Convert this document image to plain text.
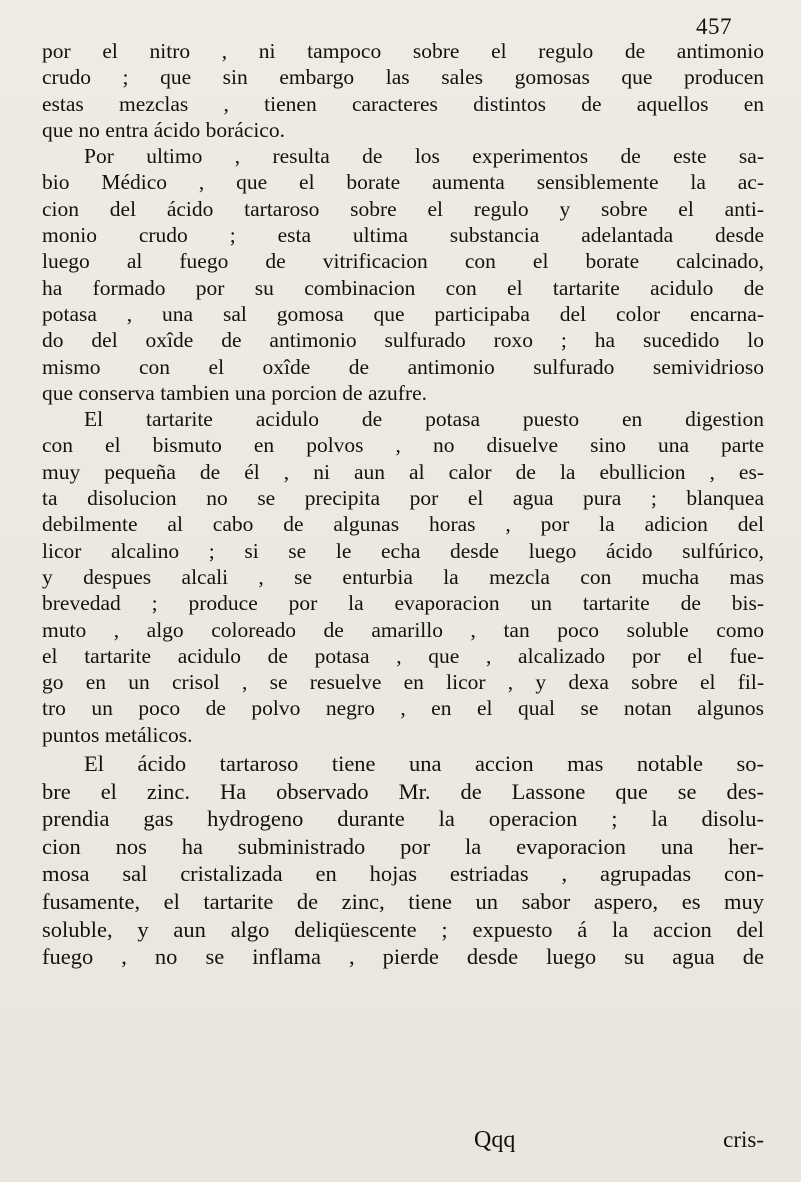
457
por el nitro , ni tampoco sobre el regulo de antimonio
crudo ; que sin embargo las sales gomosas que producen
estas mezclas , tienen caracteres distintos de aquellos en
que no entra ácido borácico.
Por ultimo , resulta de los experimentos de este sa-
bio Médico , que el borate aumenta sensiblemente la ac-
cion del ácido tartaroso sobre el regulo y sobre el anti-
monio crudo ; esta ultima substancia adelantada desde
luego al fuego de vitrificacion con el borate calcinado,
ha formado por su combinacion con el tartarite acidulo de
potasa , una sal gomosa que participaba del color encarna-
do del oxîde de antimonio sulfurado roxo ; ha sucedido lo
mismo con el oxîde de antimonio sulfurado semividrioso
que conserva tambien una porcion de azufre.
El tartarite acidulo de potasa puesto en digestion
con el bismuto en polvos , no disuelve sino una parte
muy pequeña de él , ni aun al calor de la ebullicion , es-
ta disolucion no se precipita por el agua pura ; blanquea
debilmente al cabo de algunas horas , por la adicion del
licor alcalino ; si se le echa desde luego ácido sulfúrico,
y despues alcali , se enturbia la mezcla con mucha mas
brevedad ; produce por la evaporacion un tartarite de bis-
muto , algo coloreado de amarillo , tan poco soluble como
el tartarite acidulo de potasa , que , alcalizado por el fue-
go en un crisol , se resuelve en licor , y dexa sobre el fil-
tro un poco de polvo negro , en el qual se notan algunos
puntos metálicos.
El ácido tartaroso tiene una accion mas notable so-
bre el zinc. Ha observado Mr. de Lassone que se des-
prendia gas hydrogeno durante la operacion ; la disolu-
cion nos ha subministrado por la evaporacion una her-
mosa sal cristalizada en hojas estriadas , agrupadas con-
fusamente, el tartarite de zinc, tiene un sabor aspero, es muy
soluble, y aun algo deliqüescente ; expuesto á la accion del
fuego , no se inflama , pierde desde luego su agua de
Qqq	cris-
